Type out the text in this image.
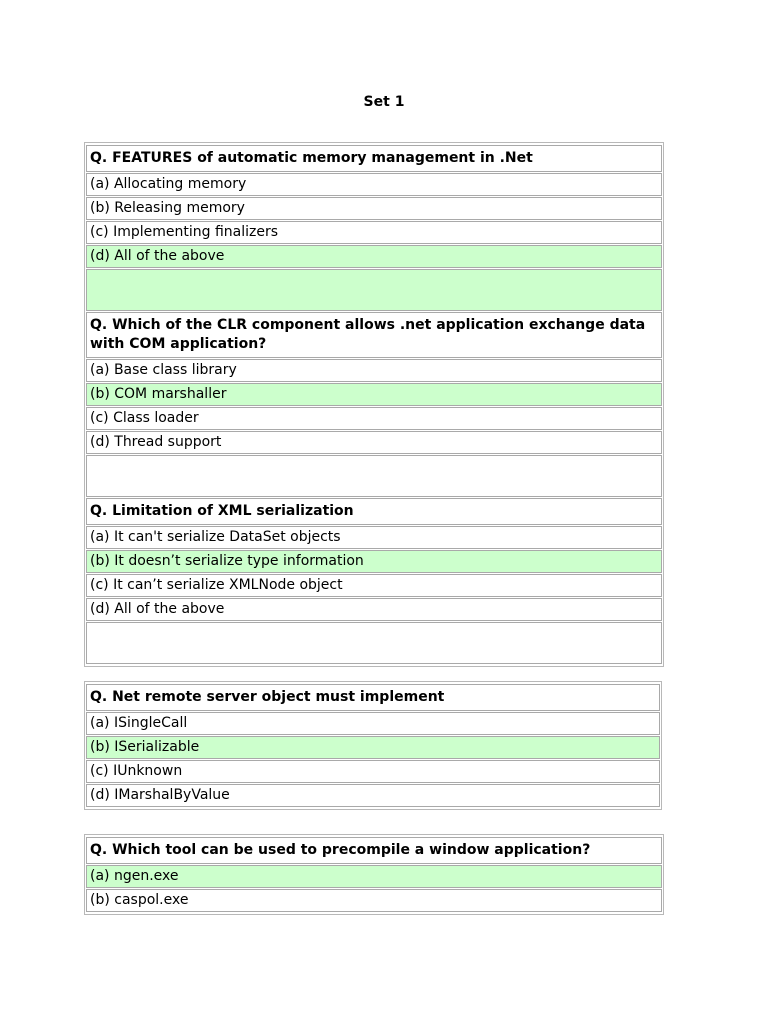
Set 1
Q. FEATURES of automatic memory management in .Net
(a) Allocating memory
(b) Releasing memory
(c) Implementing finalizers
(d) All of the above
Q. Which of the CLR component allows .net application exchange data with COM application?
(a) Base class library
(b) COM marshaller
(c) Class loader
(d) Thread support
Q. Limitation of XML serialization
(a) It can't serialize DataSet objects
(b) It doesn’t serialize type information
(c) It can’t serialize XMLNode object
(d) All of the above
Q. Net remote server object must implement
(a) ISingleCall
(b) ISerializable
(c) IUnknown
(d) IMarshalByValue
Q. Which tool can be used to precompile a window application?
(a) ngen.exe
(b) caspol.exe
